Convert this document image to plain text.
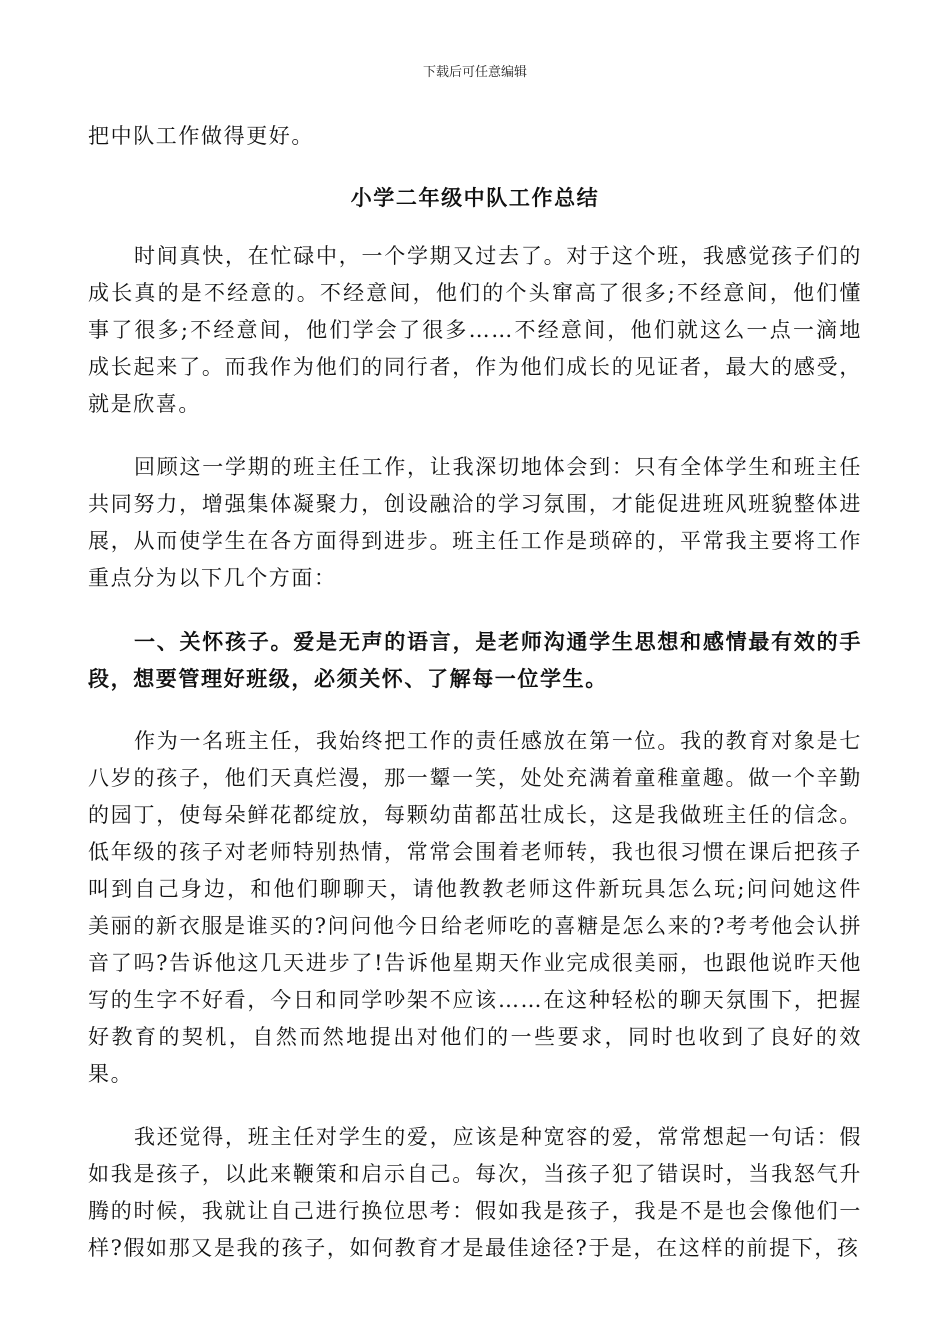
下载后可任意编辑

把中队工作做得更好。

小学二年级中队工作总结

时间真快，在忙碌中，一个学期又过去了。对于这个班，我感觉孩子们的成长真的是不经意的。不经意间，他们的个头窜高了很多;不经意间，他们懂事了很多;不经意间，他们学会了很多……不经意间，他们就这么一点一滴地成长起来了。而我作为他们的同行者，作为他们成长的见证者，最大的感受，就是欣喜。

回顾这一学期的班主任工作，让我深切地体会到：只有全体学生和班主任共同努力，增强集体凝聚力，创设融洽的学习氛围，才能促进班风班貌整体进展，从而使学生在各方面得到进步。班主任工作是琐碎的，平常我主要将工作重点分为以下几个方面：

一、关怀孩子。爱是无声的语言，是老师沟通学生思想和感情最有效的手段，想要管理好班级，必须关怀、了解每一位学生。

作为一名班主任，我始终把工作的责任感放在第一位。我的教育对象是七八岁的孩子，他们天真烂漫，那一颦一笑，处处充满着童稚童趣。做一个辛勤的园丁，使每朵鲜花都绽放，每颗幼苗都茁壮成长，这是我做班主任的信念。低年级的孩子对老师特别热情，常常会围着老师转，我也很习惯在课后把孩子叫到自己身边，和他们聊聊天，请他教教老师这件新玩具怎么玩;问问她这件美丽的新衣服是谁买的?问问他今日给老师吃的喜糖是怎么来的?考考他会认拼音了吗?告诉他这几天进步了!告诉他星期天作业完成很美丽，也跟他说昨天他写的生字不好看，今日和同学吵架不应该……在这种轻松的聊天氛围下，把握好教育的契机，自然而然地提出对他们的一些要求，同时也收到了良好的效果。

我还觉得，班主任对学生的爱，应该是种宽容的爱，常常想起一句话：假如我是孩子，以此来鞭策和启示自己。每次，当孩子犯了错误时，当我怒气升腾的时候，我就让自己进行换位思考：假如我是孩子，我是不是也会像他们一样?假如那又是我的孩子，如何教育才是最佳途径?于是，在这样的前提下，孩
